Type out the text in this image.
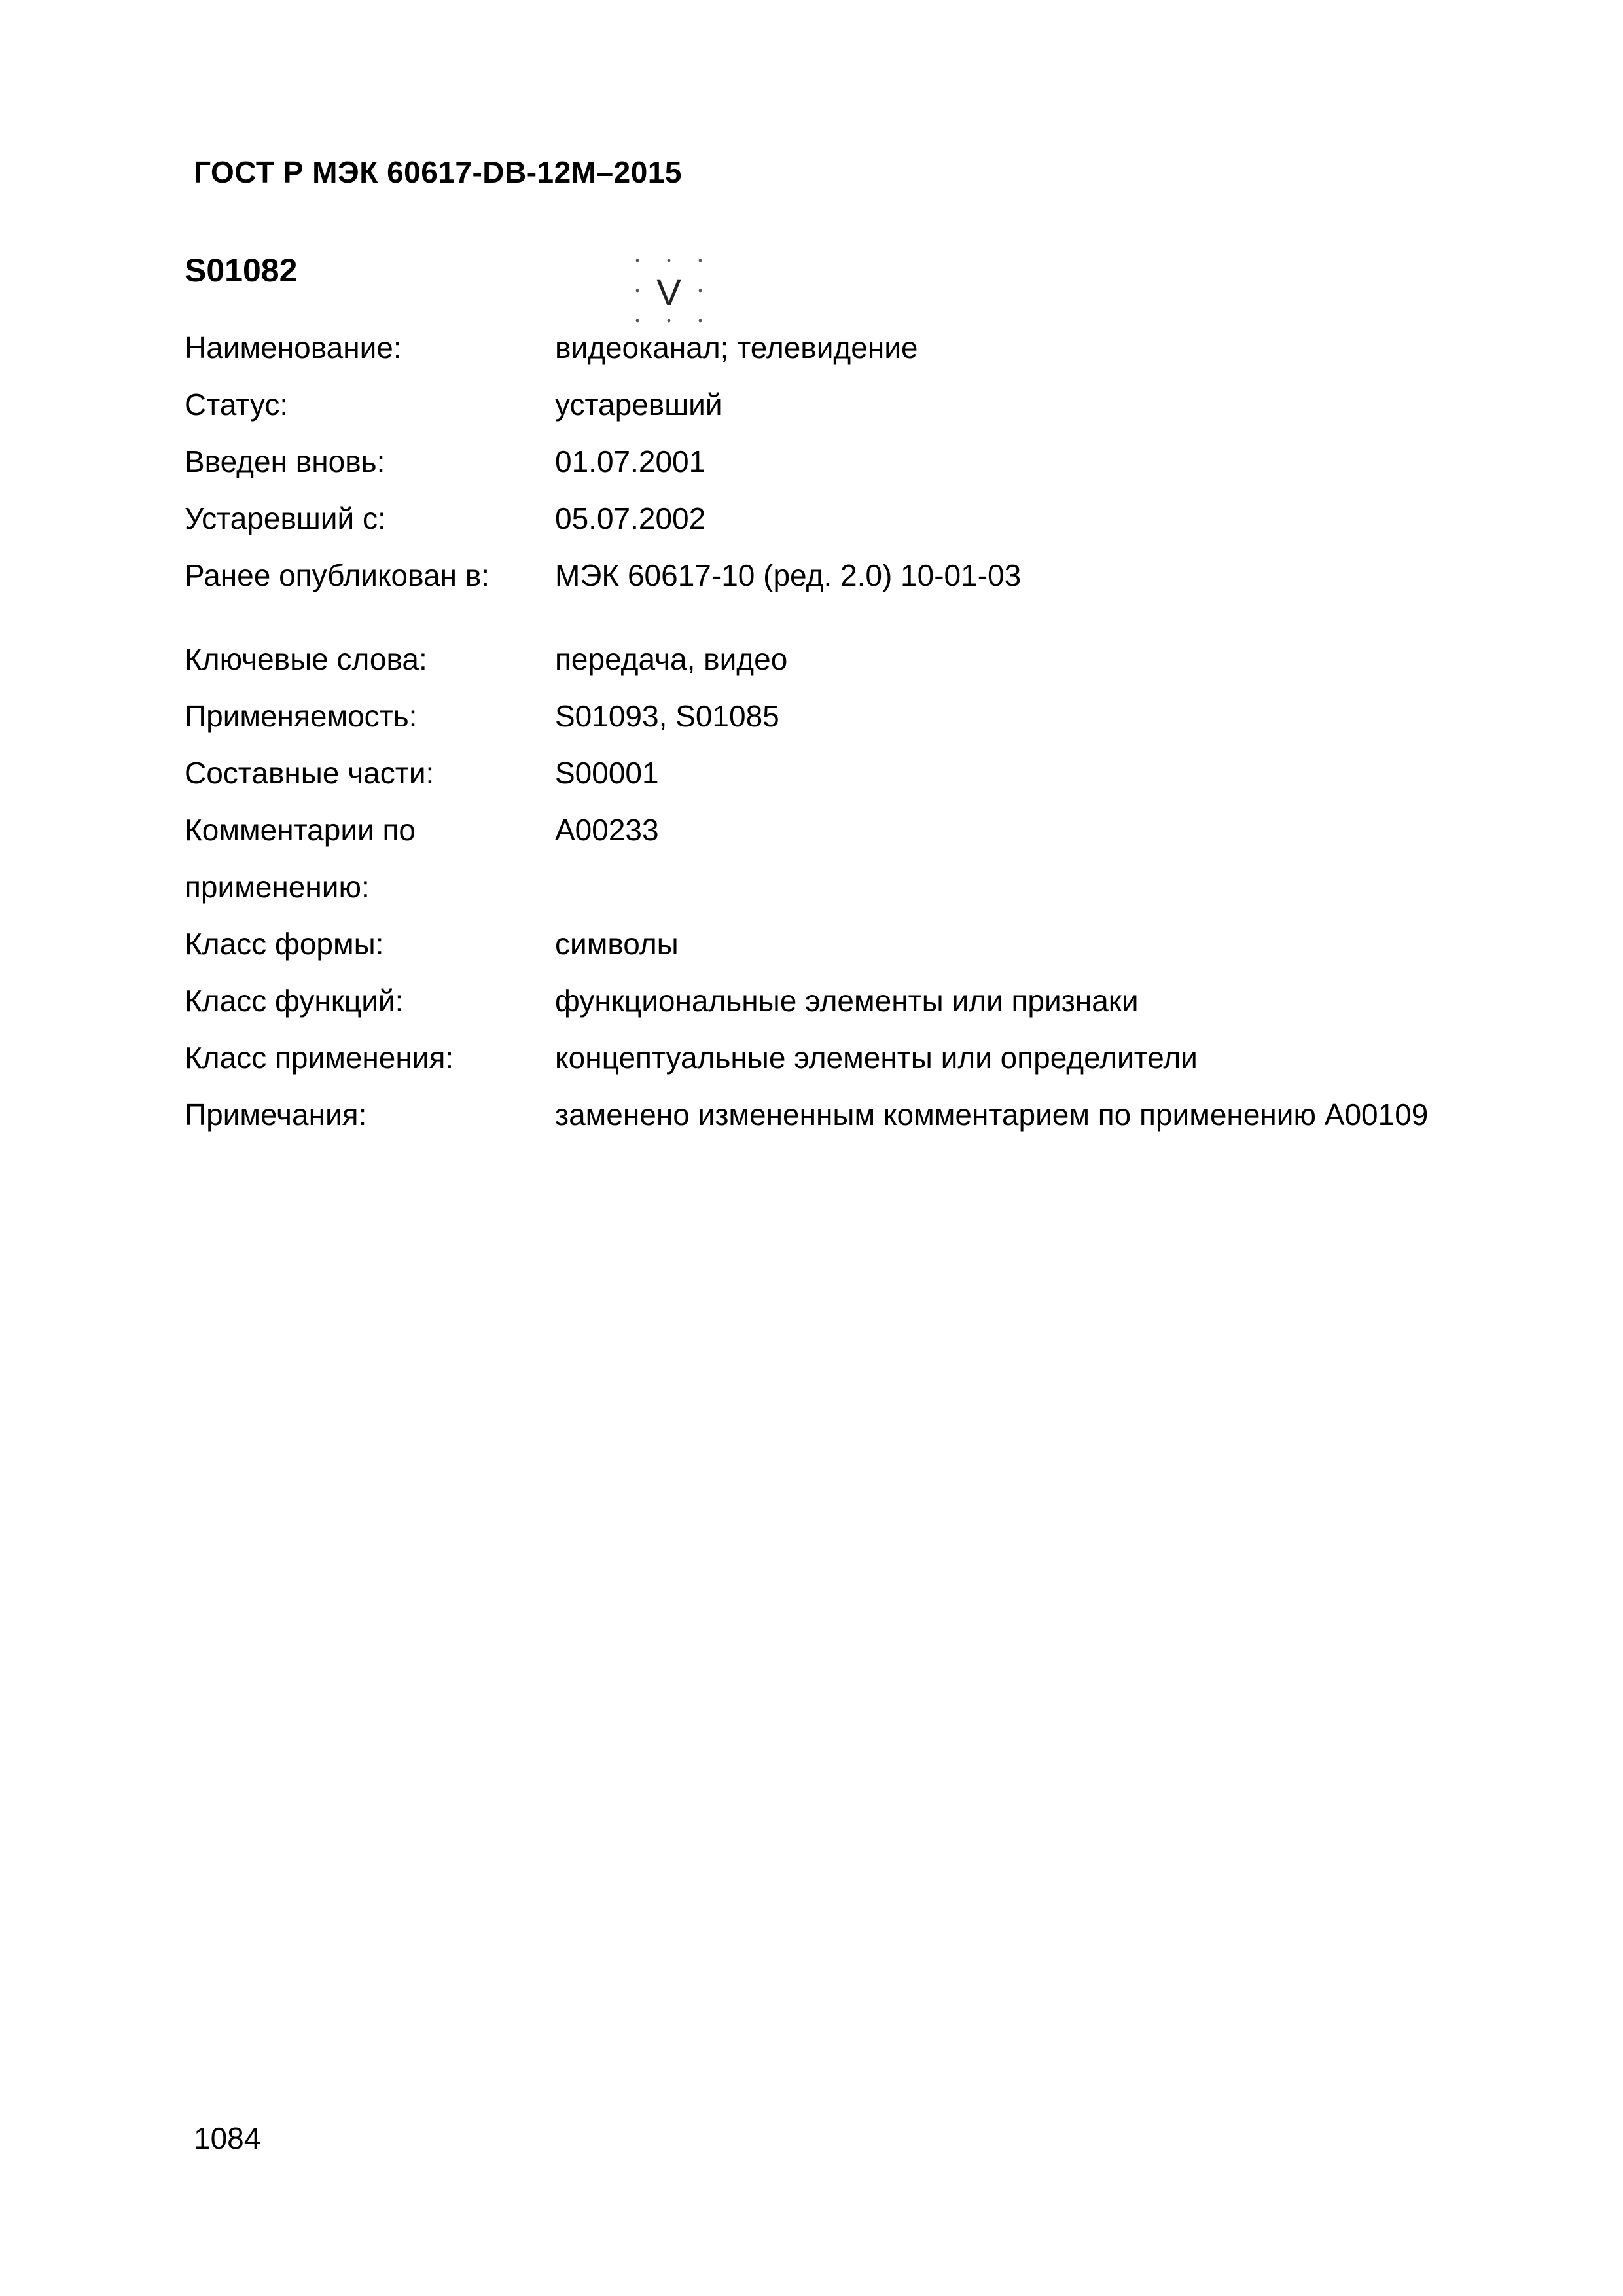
ГОСТ Р МЭК 60617-DB-12M–2015
S01082
V
Наименование:	видеоканал; телевидение
Статус:	устаревший
Введен вновь:	01.07.2001
Устаревший с:	05.07.2002
Ранее опубликован в:	МЭК 60617-10 (ред. 2.0) 10-01-03
Ключевые слова:	передача, видео
Применяемость:	S01093, S01085
Составные части:	S00001
Комментарии по применению:
A00233
Класс формы:	символы
Класс функций:	функциональные элементы или признаки
Класс применения:	концептуальные элементы или определители
Примечания:	заменено измененным комментарием по применению A00109
1084
